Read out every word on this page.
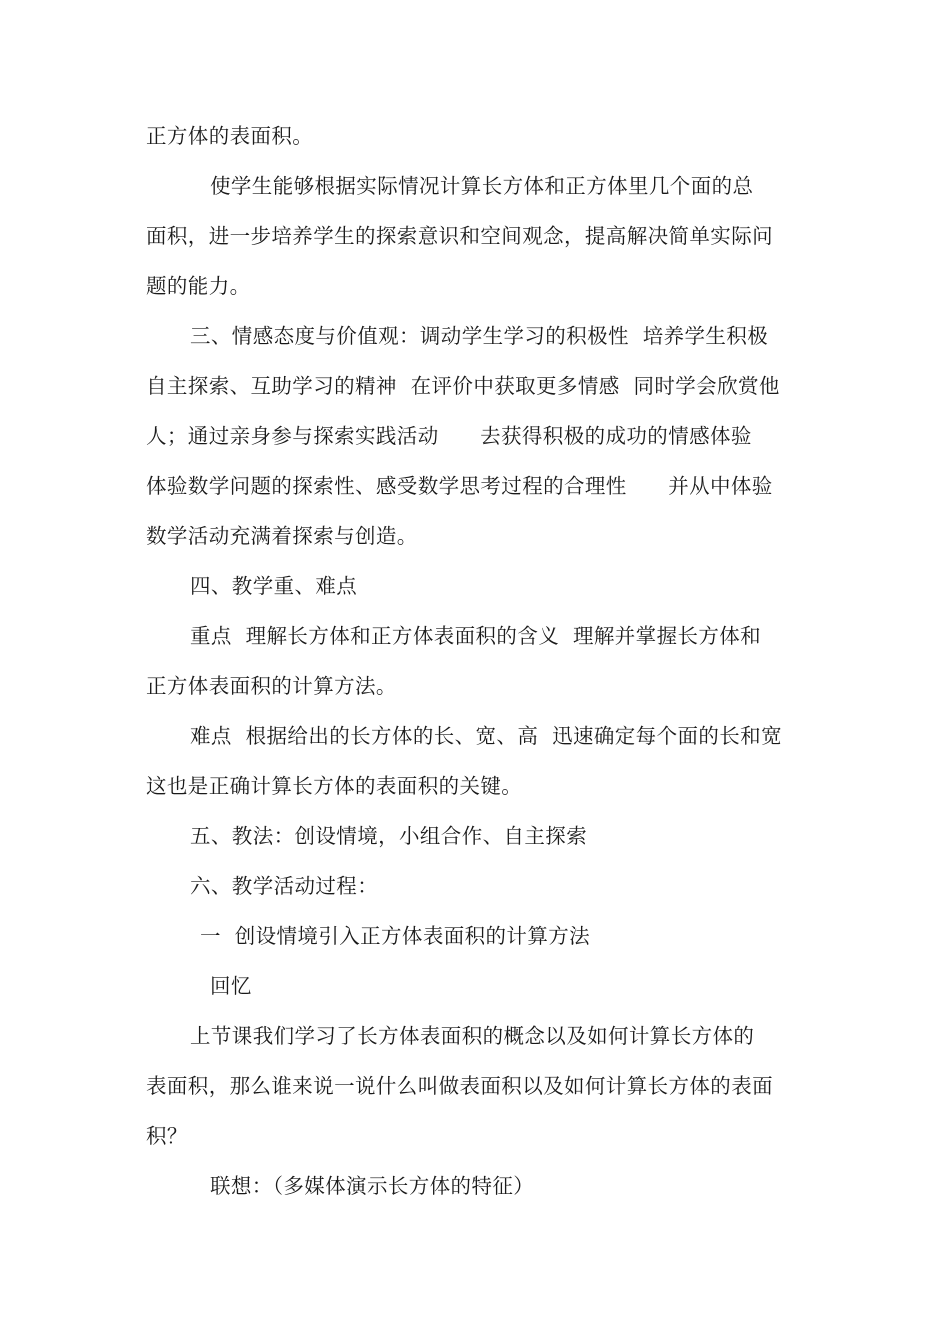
正方体的表面积。
使学生能够根据实际情况计算长方体和正方体里几个面的总
面积，进一步培养学生的探索意识和空间观念，提高解决简单实际问
题的能力。
三、情感态度与价值观：调动学生学习的积极性  培养学生积极
自主探索、互助学习的精神  在评价中获取更多情感  同时学会欣赏他
人；通过亲身参与探索实践活动      去获得积极的成功的情感体验
体验数学问题的探索性、感受数学思考过程的合理性      并从中体验
数学活动充满着探索与创造。
四、教学重、难点
重点  理解长方体和正方体表面积的含义  理解并掌握长方体和
正方体表面积的计算方法。
难点  根据给出的长方体的长、宽、高  迅速确定每个面的长和宽
这也是正确计算长方体的表面积的关键。
五、教法：创设情境，小组合作、自主探索
六、教学活动过程：
一  创设情境引入正方体表面积的计算方法
回忆
上节课我们学习了长方体表面积的概念以及如何计算长方体的
表面积，那么谁来说一说什么叫做表面积以及如何计算长方体的表面
积？
联想：（多媒体演示长方体的特征）
